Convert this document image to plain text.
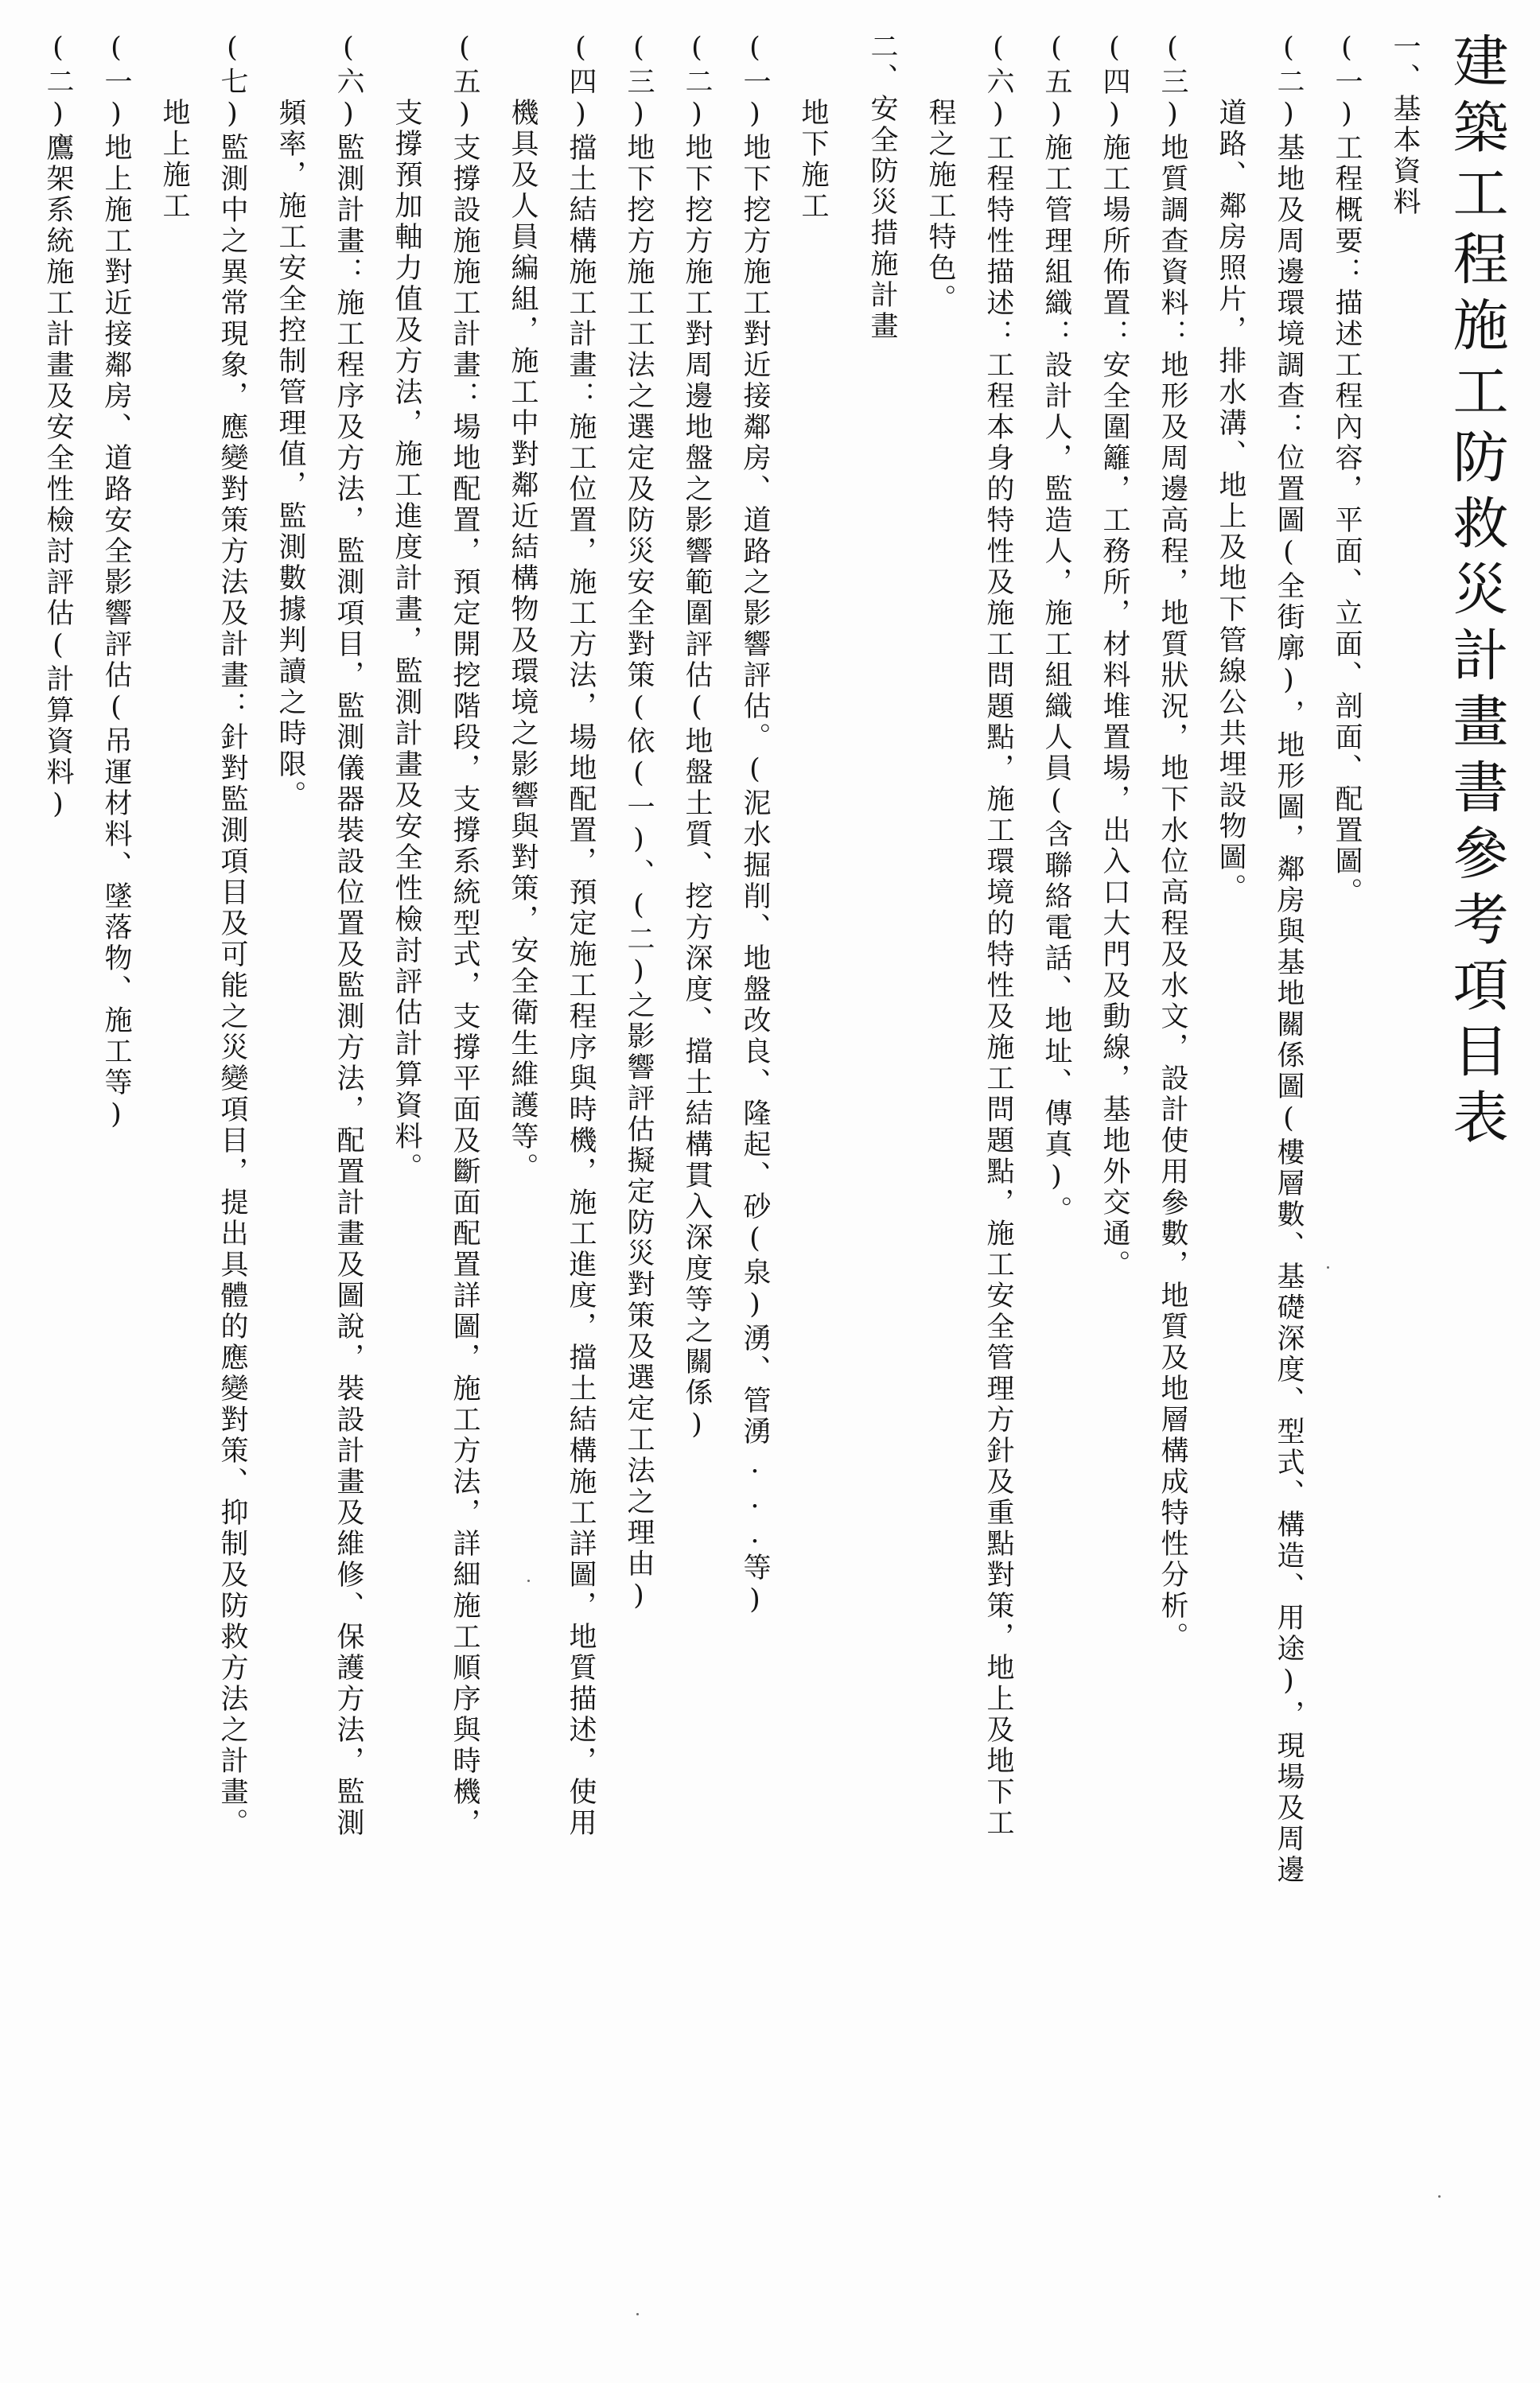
建築工程施工防救災計畫書參考項目表
一、基本資料
(一)工程概要：描述工程內容，平面、立面、剖面、配置圖。
(二)基地及周邊環境調查：位置圖(全街廓)，地形圖，鄰房與基地關係圖(樓層數、基礎深度、型式、構造、用途)，現場及周邊
道路、鄰房照片，排水溝、地上及地下管線公共埋設物圖。
(三)地質調查資料：地形及周邊高程，地質狀況，地下水位高程及水文，設計使用參數，地質及地層構成特性分析。
(四)施工場所佈置：安全圍籬，工務所，材料堆置場，出入口大門及動線，基地外交通。
(五)施工管理組織：設計人，監造人，施工組織人員(含聯絡電話、地址、傳真)。
(六)工程特性描述：工程本身的特性及施工問題點，施工環境的特性及施工問題點，施工安全管理方針及重點對策，地上及地下工
程之施工特色。
二、安全防災措施計畫
地下施工
(一)地下挖方施工對近接鄰房、道路之影響評估。(泥水掘削、地盤改良、隆起、砂(泉)湧、管湧...等)
(二)地下挖方施工對周邊地盤之影響範圍評估(地盤土質、挖方深度、擋土結構貫入深度等之關係)
(三)地下挖方施工工法之選定及防災安全對策(依(一)、(二)之影響評估擬定防災對策及選定工法之理由)
(四)擋土結構施工計畫：施工位置，施工方法，場地配置，預定施工程序與時機，施工進度，擋土結構施工詳圖，地質描述，使用
機具及人員編組，施工中對鄰近結構物及環境之影響與對策，安全衛生維護等。
(五)支撐設施施工計畫：場地配置，預定開挖階段，支撐系統型式，支撐平面及斷面配置詳圖，施工方法，詳細施工順序與時機，
支撐預加軸力值及方法，施工進度計畫，監測計畫及安全性檢討評估計算資料。
(六)監測計畫：施工程序及方法，監測項目，監測儀器裝設位置及監測方法，配置計畫及圖說，裝設計畫及維修、保護方法，監測
頻率，施工安全控制管理值，監測數據判讀之時限。
(七)監測中之異常現象，應變對策方法及計畫：針對監測項目及可能之災變項目，提出具體的應變對策、抑制及防救方法之計畫。
地上施工
(一)地上施工對近接鄰房、道路安全影響評估(吊運材料、墜落物、施工等)
(二)鷹架系統施工計畫及安全性檢討評估(計算資料)
